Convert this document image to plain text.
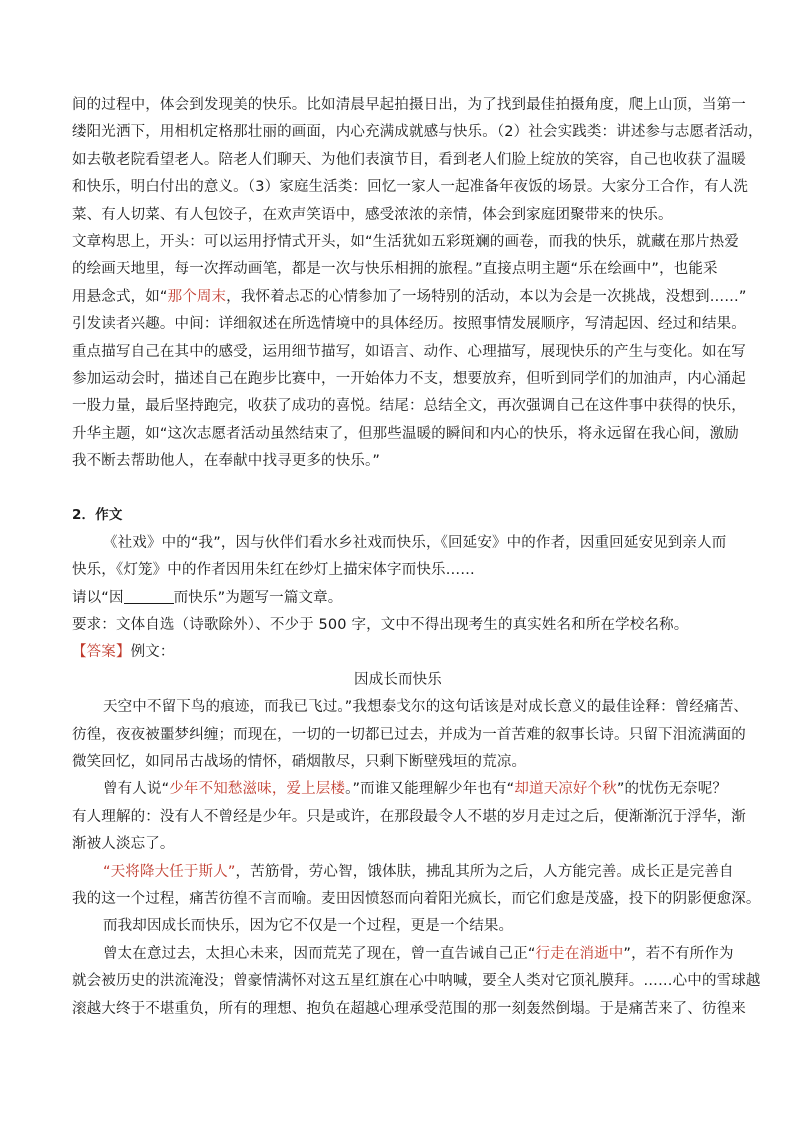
间的过程中，体会到发现美的快乐。比如清晨早起拍摄日出，为了找到最佳拍摄角度，爬上山顶，当第一
缕阳光洒下，用相机定格那壮丽的画面，内心充满成就感与快乐。（2）社会实践类：讲述参与志愿者活动，
如去敬老院看望老人。陪老人们聊天、为他们表演节目，看到老人们脸上绽放的笑容，自己也收获了温暖
和快乐，明白付出的意义。（3）家庭生活类：回忆一家人一起准备年夜饭的场景。大家分工合作，有人洗
菜、有人切菜、有人包饺子，在欢声笑语中，感受浓浓的亲情，体会到家庭团聚带来的快乐。
文章构思上，开头：可以运用抒情式开头，如“生活犹如五彩斑斓的画卷，而我的快乐，就藏在那片热爱
的绘画天地里，每一次挥动画笔，都是一次与快乐相拥的旅程。”直接点明主题“乐在绘画中”，也能采
用悬念式，如“那个周末，我怀着忐忑的心情参加了一场特别的活动，本以为会是一次挑战，没想到……”
引发读者兴趣。中间：详细叙述在所选情境中的具体经历。按照事情发展顺序，写清起因、经过和结果。
重点描写自己在其中的感受，运用细节描写，如语言、动作、心理描写，展现快乐的产生与变化。如在写
参加运动会时，描述自己在跑步比赛中，一开始体力不支，想要放弃，但听到同学们的加油声，内心涌起
一股力量，最后坚持跑完，收获了成功的喜悦。结尾：总结全文，再次强调自己在这件事中获得的快乐，
升华主题，如“这次志愿者活动虽然结束了，但那些温暖的瞬间和内心的快乐，将永远留在我心间，激励
我不断去帮助他人，在奉献中找寻更多的快乐。”
2．作文
《社戏》中的“我”，因与伙伴们看水乡社戏而快乐，《回延安》中的作者，因重回延安见到亲人而
快乐，《灯笼》中的作者因用朱红在纱灯上描宋体字而快乐……
请以“因	而快乐”为题写一篇文章。
要求：文体自选（诗歌除外）、不少于 500 字，文中不得出现考生的真实姓名和所在学校名称。
【答案】例文：
因成长而快乐
天空中不留下鸟的痕迹，而我已飞过。”我想泰戈尔的这句话该是对成长意义的最佳诠释：曾经痛苦、
彷徨，夜夜被噩梦纠缠；而现在，一切的一切都已过去，并成为一首苦难的叙事长诗。只留下泪流满面的
微笑回忆，如同吊古战场的情怀，硝烟散尽，只剩下断壁残垣的荒凉。
曾有人说“少年不知愁滋味，爱上层楼。”而谁又能理解少年也有“却道天凉好个秋”的忧伤无奈呢？
有人理解的：没有人不曾经是少年。只是或许，在那段最令人不堪的岁月走过之后，便渐渐沉于浮华，渐
渐被人淡忘了。
“天将降大任于斯人”，苦筋骨，劳心智，饿体肤，拂乱其所为之后，人方能完善。成长正是完善自
我的这一个过程，痛苦彷徨不言而喻。麦田因愤怒而向着阳光疯长，而它们愈是茂盛，投下的阴影便愈深。
而我却因成长而快乐，因为它不仅是一个过程，更是一个结果。
曾太在意过去，太担心未来，因而荒芜了现在，曾一直告诫自己正“行走在消逝中”，若不有所作为
就会被历史的洪流淹没；曾豪情满怀对这五星红旗在心中呐喊，要全人类对它顶礼膜拜。……心中的雪球越
滚越大终于不堪重负，所有的理想、抱负在超越心理承受范围的那一刻轰然倒塌。于是痛苦来了、彷徨来
